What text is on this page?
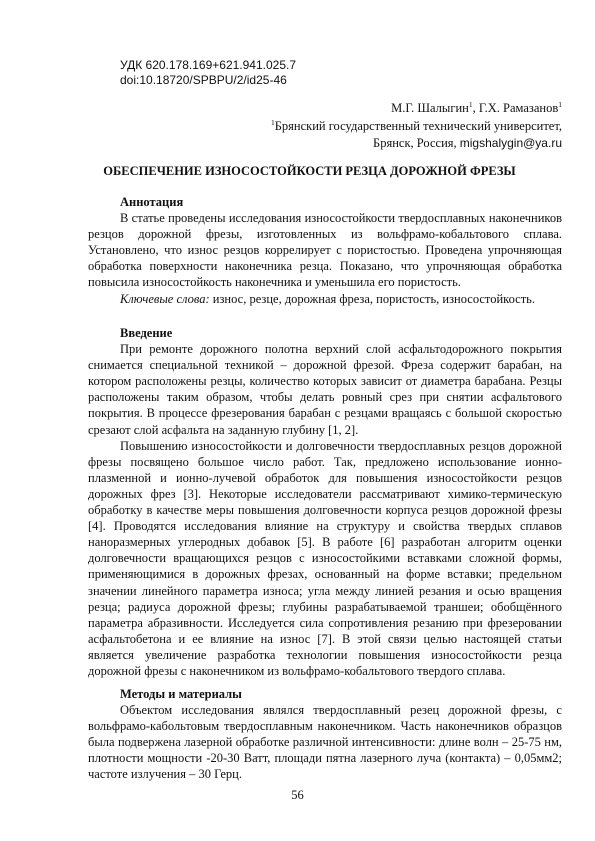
УДК 620.178.169+621.941.025.7
doi:10.18720/SPBPU/2/id25-46
М.Г. Шалыгин$^1$, Г.Х. Рамазанов$^1$
$^1$Брянский государственный технический университет,
Брянск, Россия, migshalygin@ya.ru
ОБЕСПЕЧЕНИЕ ИЗНОСОСТОЙКОСТИ РЕЗЦА ДОРОЖНОЙ ФРЕЗЫ
Аннотация

В статье проведены исследования износостойкости твердосплавных наконечников резцов дорожной фрезы, изготовленных из вольфрамо-кобальтового сплава. Установлено, что износ резцов коррелирует с пористостью. Проведена упрочняющая обработка поверхности наконечника резца. Показано, что упрочняющая обработка повысила износостойкость наконечника и уменьшила его пористость.

Ключевые слова: износ, резце, дорожная фреза, пористость, износостойкость.

Введение

При ремонте дорожного полотна верхний слой асфальтодорожного покрытия снимается специальной техникой – дорожной фрезой. Фреза содержит барабан, на котором расположены резцы, количество которых зависит от диаметра барабана. Резцы расположены таким образом, чтобы делать ровный срез при снятии асфальтового покрытия. В процессе фрезерования барабан с резцами вращаясь с большой скоростью срезают слой асфальта на заданную глубину [1, 2].

Повышению износостойкости и долговечности твердосплавных резцов дорожной фрезы посвящено большое число работ. Так, предложено использование ионно-плазменной и ионно-лучевой обработок для повышения износостойкости резцов дорожных фрез [3]. Некоторые исследователи рассматривают химико-термическую обработку в качестве меры повышения долговечности корпуса резцов дорожной фрезы [4]. Проводятся исследования влияние на структуру и свойства твердых сплавов наноразмерных углеродных добавок [5]. В работе [6] разработан алгоритм оценки долговечности вращающихся резцов с износостойкими вставками сложной формы, применяющимися в дорожных фрезах, основанный на форме вставки; предельном значении линейного параметра износа; угла между линией резания и осью вращения резца; радиуса дорожной фрезы; глубины разрабатываемой траншеи; обобщённого параметра абразивности. Исследуется сила сопротивления резанию при фрезеровании асфальтобетона и ее влияние на износ [7]. В этой связи целью настоящей статьи является увеличение разработка технологии повышения износостойкости резца дорожной фрезы с наконечником из вольфрамо-кобальтового твердого сплава.

Методы и материалы

Объектом исследования являлся твердосплавный резец дорожной фрезы, с вольфрамо-кабольтовым твердосплавным наконечником. Часть наконечников образцов была подвержена лазерной обработке различной интенсивности: длине волн – 25-75 нм, плотности мощности -20-30 Ватт, площади пятна лазерного луча (контакта) – 0,05мм2; частоте излучения – 30 Герц.

56
